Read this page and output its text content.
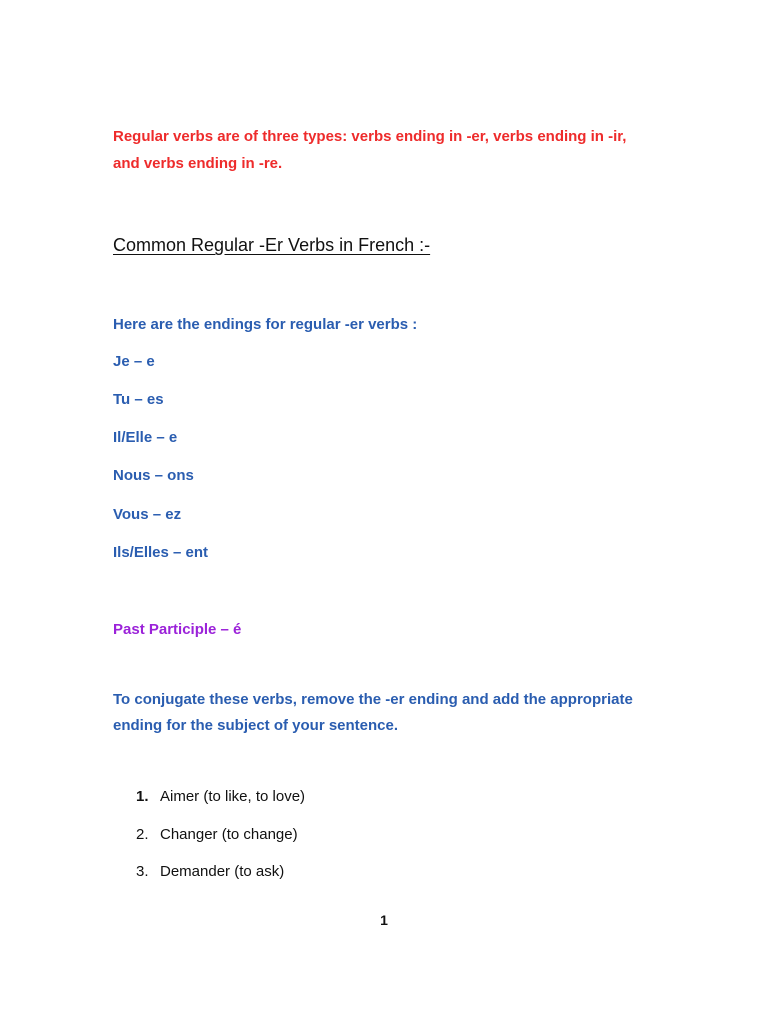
Regular verbs are of three types: verbs ending in -er, verbs ending in -ir,

and verbs ending in -re.

Common Regular -Er Verbs in French :-

Here are the endings for regular -er verbs :

Je – e

Tu – es

Il/Elle – e

Nous – ons

Vous – ez

Ils/Elles – ent

Past Participle – é

To conjugate these verbs, remove the -er ending and add the appropriate

ending for the subject of your sentence.

1. Aimer (to like, to love)

2. Changer (to change)

3. Demander (to ask)

1
